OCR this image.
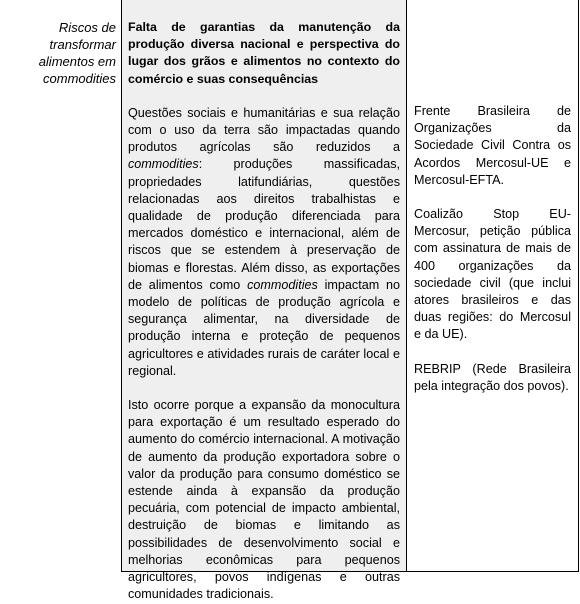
Riscos de transformar alimentos em commodities

Falta de garantias da manutenção da produção diversa nacional e perspectiva do lugar dos grãos e alimentos no contexto do comércio e suas consequências

Questões sociais e humanitárias e sua relação com o uso da terra são impactadas quando produtos agrícolas são reduzidos a commodities: produções massificadas, propriedades latifundiárias, questões relacionadas aos direitos trabalhistas e qualidade de produção diferenciada para mercados doméstico e internacional, além de riscos que se estendem à preservação de biomas e florestas. Além disso, as exportações de alimentos como commodities impactam no modelo de políticas de produção agrícola e segurança alimentar, na diversidade de produção interna e proteção de pequenos agricultores e atividades rurais de caráter local e regional.

Isto ocorre porque a expansão da monocultura para exportação é um resultado esperado do aumento do comércio internacional. A motivação de aumento da produção exportadora sobre o valor da produção para consumo doméstico se estende ainda à expansão da produção pecuária, com potencial de impacto ambiental, destruição de biomas e limitando as possibilidades de desenvolvimento social e melhorias econômicas para pequenos agricultores, povos indígenas e outras comunidades tradicionais.

Frente Brasileira de Organizações da Sociedade Civil Contra os Acordos Mercosul-UE e Mercosul-EFTA.

Coalizão Stop EU-Mercosur, petição pública com assinatura de mais de 400 organizações da sociedade civil (que inclui atores brasileiros e das duas regiões: do Mercosul e da UE).

REBRIP (Rede Brasileira pela integração dos povos).
